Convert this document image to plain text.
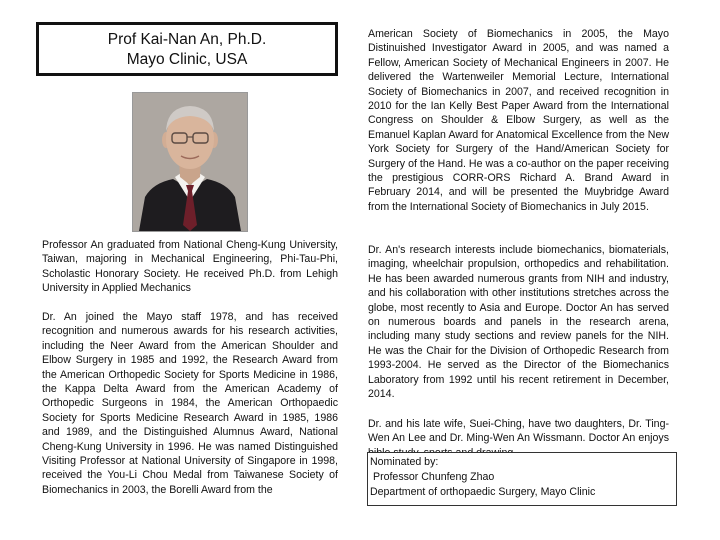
Prof Kai-Nan An, Ph.D.
Mayo Clinic, USA

Professor An graduated from National Cheng-Kung University, Taiwan, majoring in Mechanical Engineering, Phi-Tau-Phi, Scholastic Honorary Society. He received Ph.D. from Lehigh University in Applied Mechanics

Dr. An joined the Mayo staff 1978, and has received recognition and numerous awards for his research activities, including the Neer Award from the American Shoulder and Elbow Surgery in 1985 and 1992, the Research Award from the American Orthopedic Society for Sports Medicine in 1986, the Kappa Delta Award from the American Academy of Orthopedic Surgeons in 1984, the American Orthopaedic Society for Sports Medicine Research Award in 1985, 1986 and 1989, and the Distinguished Alumnus Award, National Cheng-Kung University in 1996. He was named Distinguished Visiting Professor at National University of Singapore in 1998, received the You-Li Chou Medal from Taiwanese Society of Biomechanics in 2003, the Borelli Award from the

American Society of Biomechanics in 2005, the Mayo Distinuished Investigator Award in 2005, and was named a Fellow, American Society of Mechanical Engineers in 2007. He delivered the Wartenweiler Memorial Lecture, International Society of Biomechanics in 2007, and received recognition in 2010 for the Ian Kelly Best Paper Award from the International Congress on Shoulder & Elbow Surgery, as well as the Emanuel Kaplan Award for Anatomical Excellence from the New York Society for Surgery of the Hand/American Society for Surgery of the Hand. He was a co-author on the paper receiving the prestigious CORR-ORS Richard A. Brand Award in February 2014, and will be presented the Muybridge Award from the International Society of Biomechanics in July 2015.

Dr. An's research interests include biomechanics, biomaterials, imaging, wheelchair propulsion, orthopedics and rehabilitation. He has been awarded numerous grants from NIH and industry, and his collaboration with other institutions stretches across the globe, most recently to Asia and Europe. Doctor An has served on numerous boards and panels in the research arena, including many study sections and review panels for the NIH. He was the Chair for the Division of Orthopedic Research from 1993-2004. He served as the Director of the Biomechanics Laboratory from 1992 until his recent retirement in December, 2014.

Dr. and his late wife, Suei-Ching, have two daughters, Dr. Ting-Wen An Lee and Dr. Ming-Wen An Wissmann. Doctor An enjoys

Nominated by:
Professor Chunfeng Zhao
Department of orthopaedic Surgery, Mayo Clinic
